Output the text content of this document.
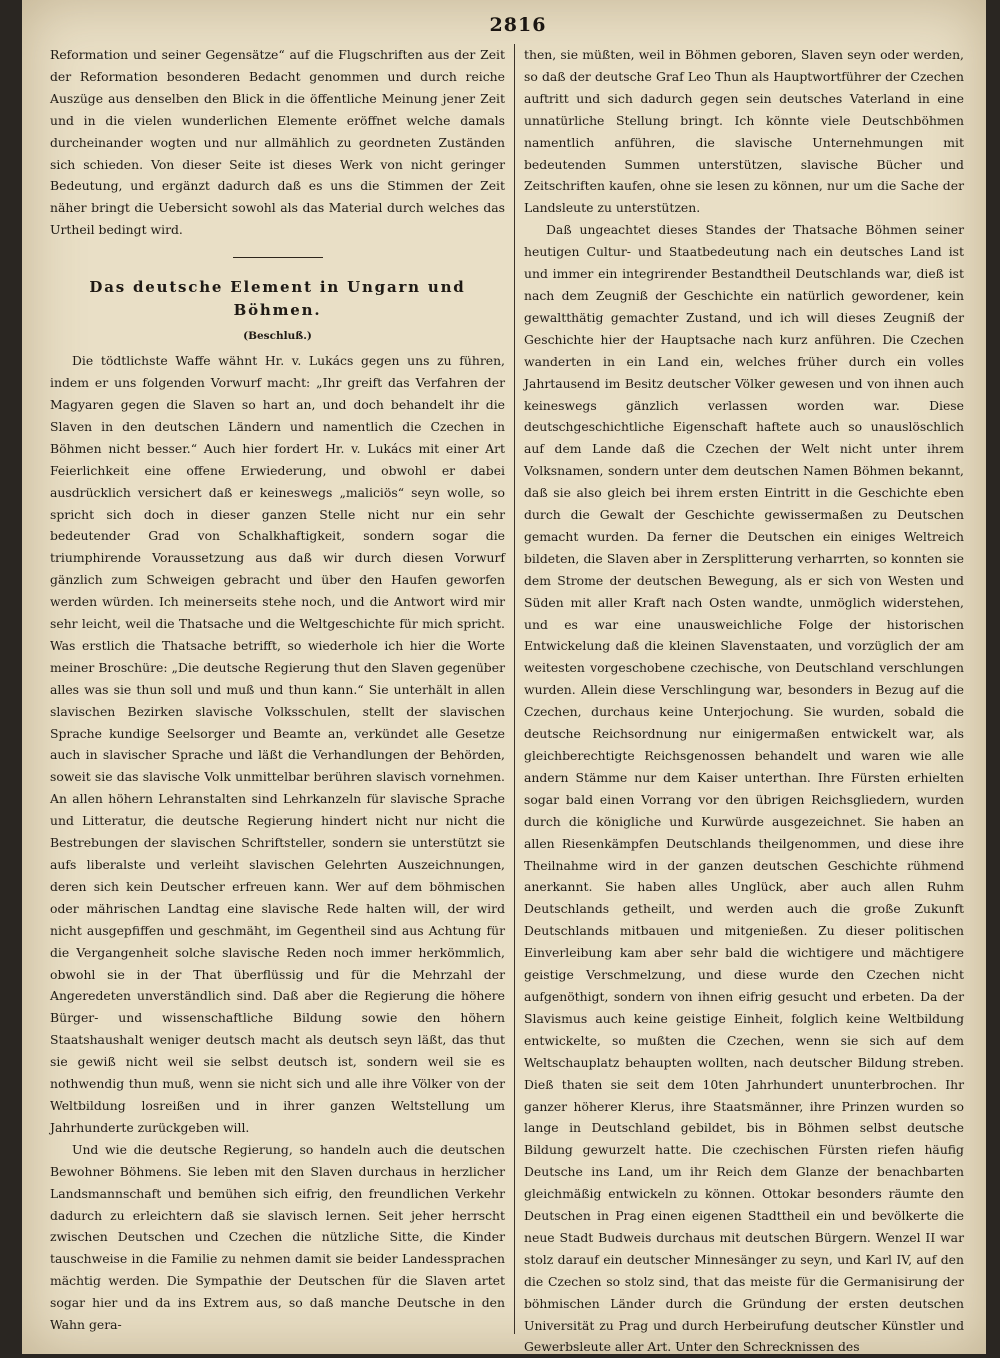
2816

Reformation und seiner Gegensätze“ auf die Flugschriften aus der Zeit der Reformation besonderen Bedacht genommen und durch reiche Auszüge aus denselben den Blick in die öffentliche Meinung jener Zeit und in die vielen wunderlichen Elemente eröffnet welche damals durcheinander wogten und nur allmählich zu geordneten Zuständen sich schieden. Von dieser Seite ist dieses Werk von nicht geringer Bedeutung, und ergänzt dadurch daß es uns die Stimmen der Zeit näher bringt die Uebersicht sowohl als das Material durch welches das Urtheil bedingt wird.

Das deutsche Element in Ungarn und Böhmen.
(Beschluß.)

Die tödtlichste Waffe wähnt Hr. v. Lukács gegen uns zu führen, indem er uns folgenden Vorwurf macht: „Ihr greift das Verfahren der Magyaren gegen die Slaven so hart an, und doch behandelt ihr die Slaven in den deutschen Ländern und namentlich die Czechen in Böhmen nicht besser.“ Auch hier fordert Hr. v. Lukács mit einer Art Feierlichkeit eine offene Erwiederung, und obwohl er dabei ausdrücklich versichert daß er keineswegs „maliciös“ seyn wolle, so spricht sich doch in dieser ganzen Stelle nicht nur ein sehr bedeutender Grad von Schalkhaftigkeit, sondern sogar die triumphirende Voraussetzung aus daß wir durch diesen Vorwurf gänzlich zum Schweigen gebracht und über den Haufen geworfen werden würden. Ich meinerseits stehe noch, und die Antwort wird mir sehr leicht, weil die Thatsache und die Weltgeschichte für mich spricht. Was erstlich die Thatsache betrifft, so wiederhole ich hier die Worte meiner Broschüre: „Die deutsche Regierung thut den Slaven gegenüber alles was sie thun soll und muß und thun kann.“ Sie unterhält in allen slavischen Bezirken slavische Volksschulen, stellt der slavischen Sprache kundige Seelsorger und Beamte an, verkündet alle Gesetze auch in slavischer Sprache und läßt die Verhandlungen der Behörden, soweit sie das slavische Volk unmittelbar berühren slavisch vornehmen. An allen höhern Lehranstalten sind Lehrkanzeln für slavische Sprache und Litteratur, die deutsche Regierung hindert nicht nur nicht die Bestrebungen der slavischen Schriftsteller, sondern sie unterstützt sie aufs liberalste und verleiht slavischen Gelehrten Auszeichnungen, deren sich kein Deutscher erfreuen kann. Wer auf dem böhmischen oder mährischen Landtag eine slavische Rede halten will, der wird nicht ausgepfiffen und geschmäht, im Gegentheil sind aus Achtung für die Vergangenheit solche slavische Reden noch immer herkömmlich, obwohl sie in der That überflüssig und für die Mehrzahl der Angeredeten unverständlich sind. Daß aber die Regierung die höhere Bürger- und wissenschaftliche Bildung sowie den höhern Staatshaushalt weniger deutsch macht als deutsch seyn läßt, das thut sie gewiß nicht weil sie selbst deutsch ist, sondern weil sie es nothwendig thun muß, wenn sie nicht sich und alle ihre Völker von der Weltbildung losreißen und in ihrer ganzen Weltstellung um Jahrhunderte zurückgeben will.

Und wie die deutsche Regierung, so handeln auch die deutschen Bewohner Böhmens. Sie leben mit den Slaven durchaus in herzlicher Landsmannschaft und bemühen sich eifrig, den freundlichen Verkehr dadurch zu erleichtern daß sie slavisch lernen. Seit jeher herrscht zwischen Deutschen und Czechen die nützliche Sitte, die Kinder tauschweise in die Familie zu nehmen damit sie beider Landessprachen mächtig werden. Die Sympathie der Deutschen für die Slaven artet sogar hier und da ins Extrem aus, so daß manche Deutsche in den Wahn gera-

then, sie müßten, weil in Böhmen geboren, Slaven seyn oder werden, so daß der deutsche Graf Leo Thun als Hauptwortführer der Czechen auftritt und sich dadurch gegen sein deutsches Vaterland in eine unnatürliche Stellung bringt. Ich könnte viele Deutschböhmen namentlich anführen, die slavische Unternehmungen mit bedeutenden Summen unterstützen, slavische Bücher und Zeitschriften kaufen, ohne sie lesen zu können, nur um die Sache der Landsleute zu unterstützen.

Daß ungeachtet dieses Standes der Thatsache Böhmen seiner heutigen Cultur- und Staatbedeutung nach ein deutsches Land ist und immer ein integrirender Bestandtheil Deutschlands war, dieß ist nach dem Zeugniß der Geschichte ein natürlich gewordener, kein gewaltthätig gemachter Zustand, und ich will dieses Zeugniß der Geschichte hier der Hauptsache nach kurz anführen. Die Czechen wanderten in ein Land ein, welches früher durch ein volles Jahrtausend im Besitz deutscher Völker gewesen und von ihnen auch keineswegs gänzlich verlassen worden war. Diese deutschgeschichtliche Eigenschaft haftete auch so unauslöschlich auf dem Lande daß die Czechen der Welt nicht unter ihrem Volksnamen, sondern unter dem deutschen Namen Böhmen bekannt, daß sie also gleich bei ihrem ersten Eintritt in die Geschichte eben durch die Gewalt der Geschichte gewissermaßen zu Deutschen gemacht wurden. Da ferner die Deutschen ein einiges Weltreich bildeten, die Slaven aber in Zersplitterung verharrten, so konnten sie dem Strome der deutschen Bewegung, als er sich von Westen und Süden mit aller Kraft nach Osten wandte, unmöglich widerstehen, und es war eine unausweichliche Folge der historischen Entwickelung daß die kleinen Slavenstaaten, und vorzüglich der am weitesten vorgeschobene czechische, von Deutschland verschlungen wurden. Allein diese Verschlingung war, besonders in Bezug auf die Czechen, durchaus keine Unterjochung. Sie wurden, sobald die deutsche Reichsordnung nur einigermaßen entwickelt war, als gleichberechtigte Reichsgenossen behandelt und waren wie alle andern Stämme nur dem Kaiser unterthan. Ihre Fürsten erhielten sogar bald einen Vorrang vor den übrigen Reichsgliedern, wurden durch die königliche und Kurwürde ausgezeichnet. Sie haben an allen Riesenkämpfen Deutschlands theilgenommen, und diese ihre Theilnahme wird in der ganzen deutschen Geschichte rühmend anerkannt. Sie haben alles Unglück, aber auch allen Ruhm Deutschlands getheilt, und werden auch die große Zukunft Deutschlands mitbauen und mitgenießen. Zu dieser politischen Einverleibung kam aber sehr bald die wichtigere und mächtigere geistige Verschmelzung, und diese wurde den Czechen nicht aufgenöthigt, sondern von ihnen eifrig gesucht und erbeten. Da der Slavismus auch keine geistige Einheit, folglich keine Weltbildung entwickelte, so mußten die Czechen, wenn sie sich auf dem Weltschauplatz behaupten wollten, nach deutscher Bildung streben. Dieß thaten sie seit dem 10ten Jahrhundert ununterbrochen. Ihr ganzer höherer Klerus, ihre Staatsmänner, ihre Prinzen wurden so lange in Deutschland gebildet, bis in Böhmen selbst deutsche Bildung gewurzelt hatte. Die czechischen Fürsten riefen häufig Deutsche ins Land, um ihr Reich dem Glanze der benachbarten gleichmäßig entwickeln zu können. Ottokar besonders räumte den Deutschen in Prag einen eigenen Stadttheil ein und bevölkerte die neue Stadt Budweis durchaus mit deutschen Bürgern. Wenzel II war stolz darauf ein deutscher Minnesänger zu seyn, und Karl IV, auf den die Czechen so stolz sind, that das meiste für die Germanisirung der böhmischen Länder durch die Gründung der ersten deutschen Universität zu Prag und durch Herbeirufung deutscher Künstler und Gewerbsleute aller Art. Unter den Schrecknissen des
